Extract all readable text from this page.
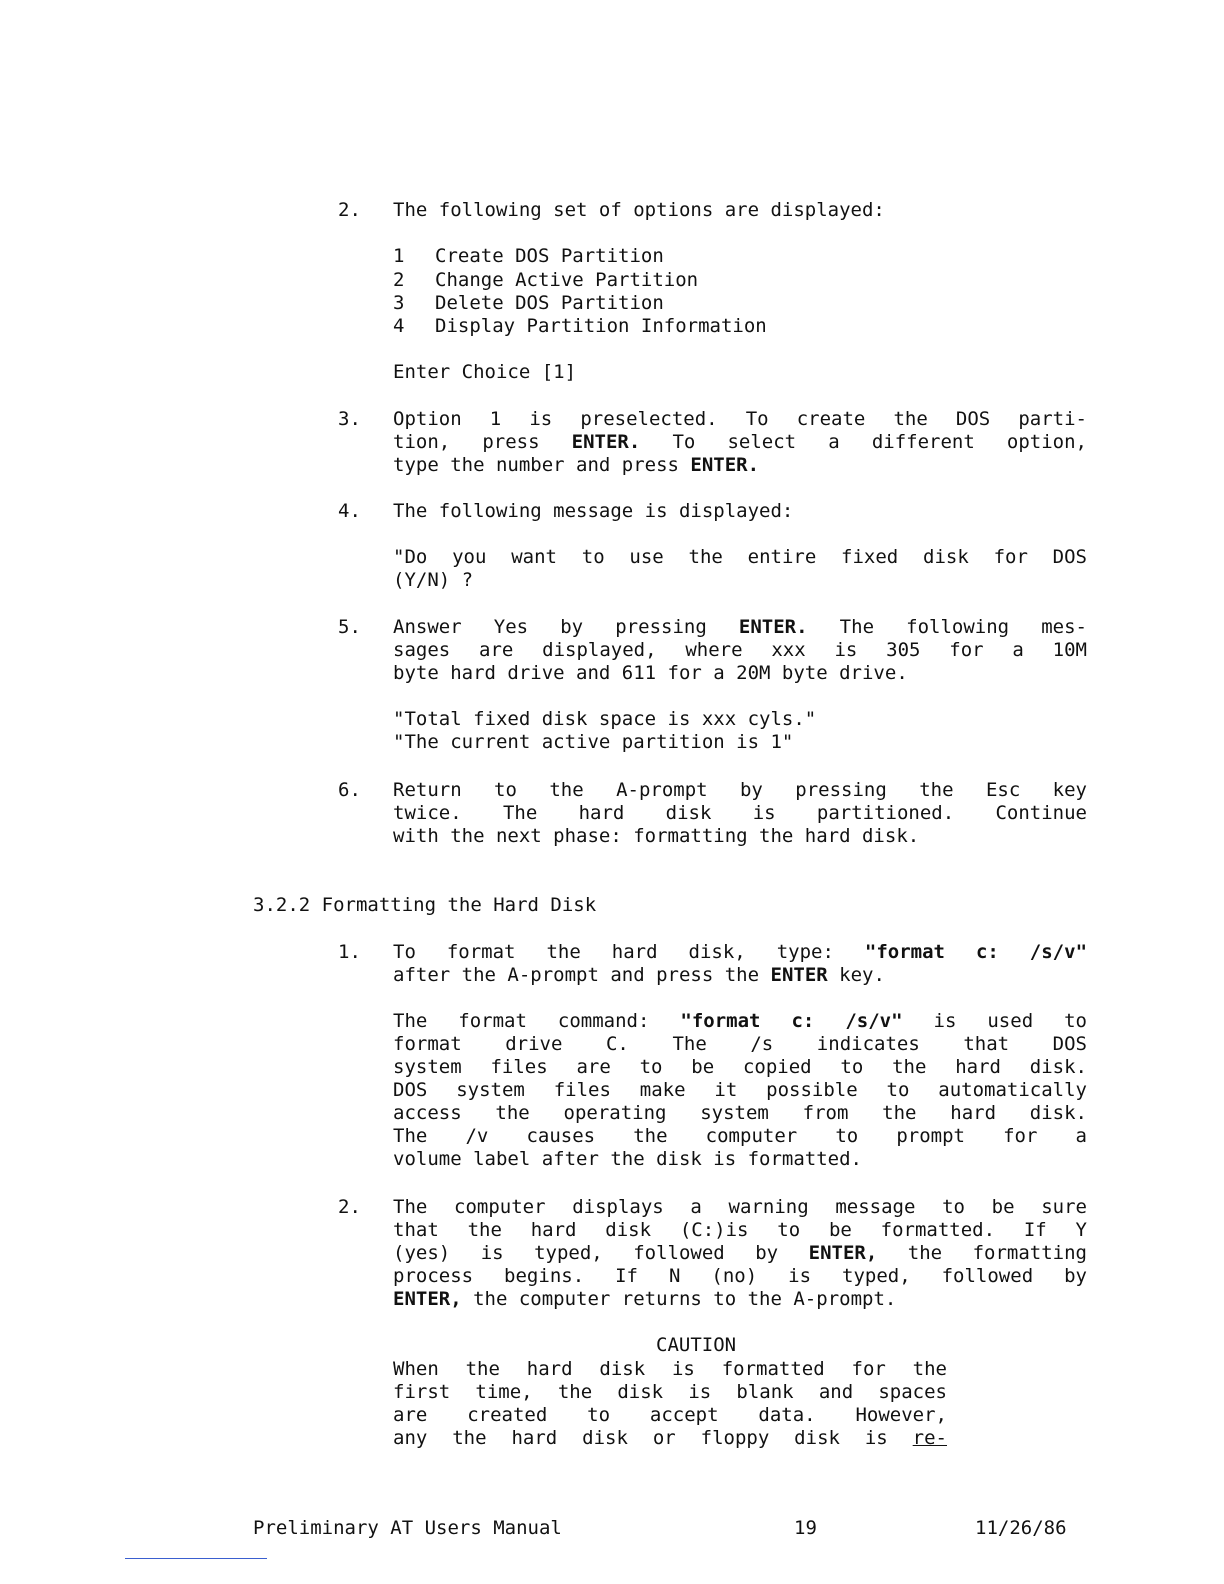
2. The following set of options are displayed:
1 Create DOS Partition
2 Change Active Partition
3 Delete DOS Partition
4 Display Partition Information
Enter Choice [1]
3. Option 1 is preselected. To create the DOS parti-
tion, press ENTER. To select a different option,
type the number and press ENTER.
4. The following message is displayed:
"Do you want to use the entire fixed disk for DOS
(Y/N) ?
5. Answer Yes by pressing ENTER. The following mes-
sages are displayed, where xxx is 305 for a 10M
byte hard drive and 611 for a 20M byte drive.
"Total fixed disk space is xxx cyls."
"The current active partition is 1"
6. Return to the A-prompt by pressing the Esc key
twice. The hard disk is partitioned. Continue
with the next phase: formatting the hard disk.
3.2.2 Formatting the Hard Disk
1. To format the hard disk, type: "format c: /s/v"
after the A-prompt and press the ENTER key.
The format command: "format c: /s/v" is used to
format drive C. The /s indicates that DOS
system files are to be copied to the hard disk.
DOS system files make it possible to automatically
access the operating system from the hard disk.
The /v causes the computer to prompt for a
volume label after the disk is formatted.
2. The computer displays a warning message to be sure
that the hard disk (C:)is to be formatted. If Y
(yes) is typed, followed by ENTER, the formatting
process begins. If N (no) is typed, followed by
ENTER, the computer returns to the A-prompt.
CAUTION
When the hard disk is formatted for the
first time, the disk is blank and spaces
are created to accept data. However,
any the hard disk or floppy disk is re-
Preliminary AT Users Manual	19	11/26/86
